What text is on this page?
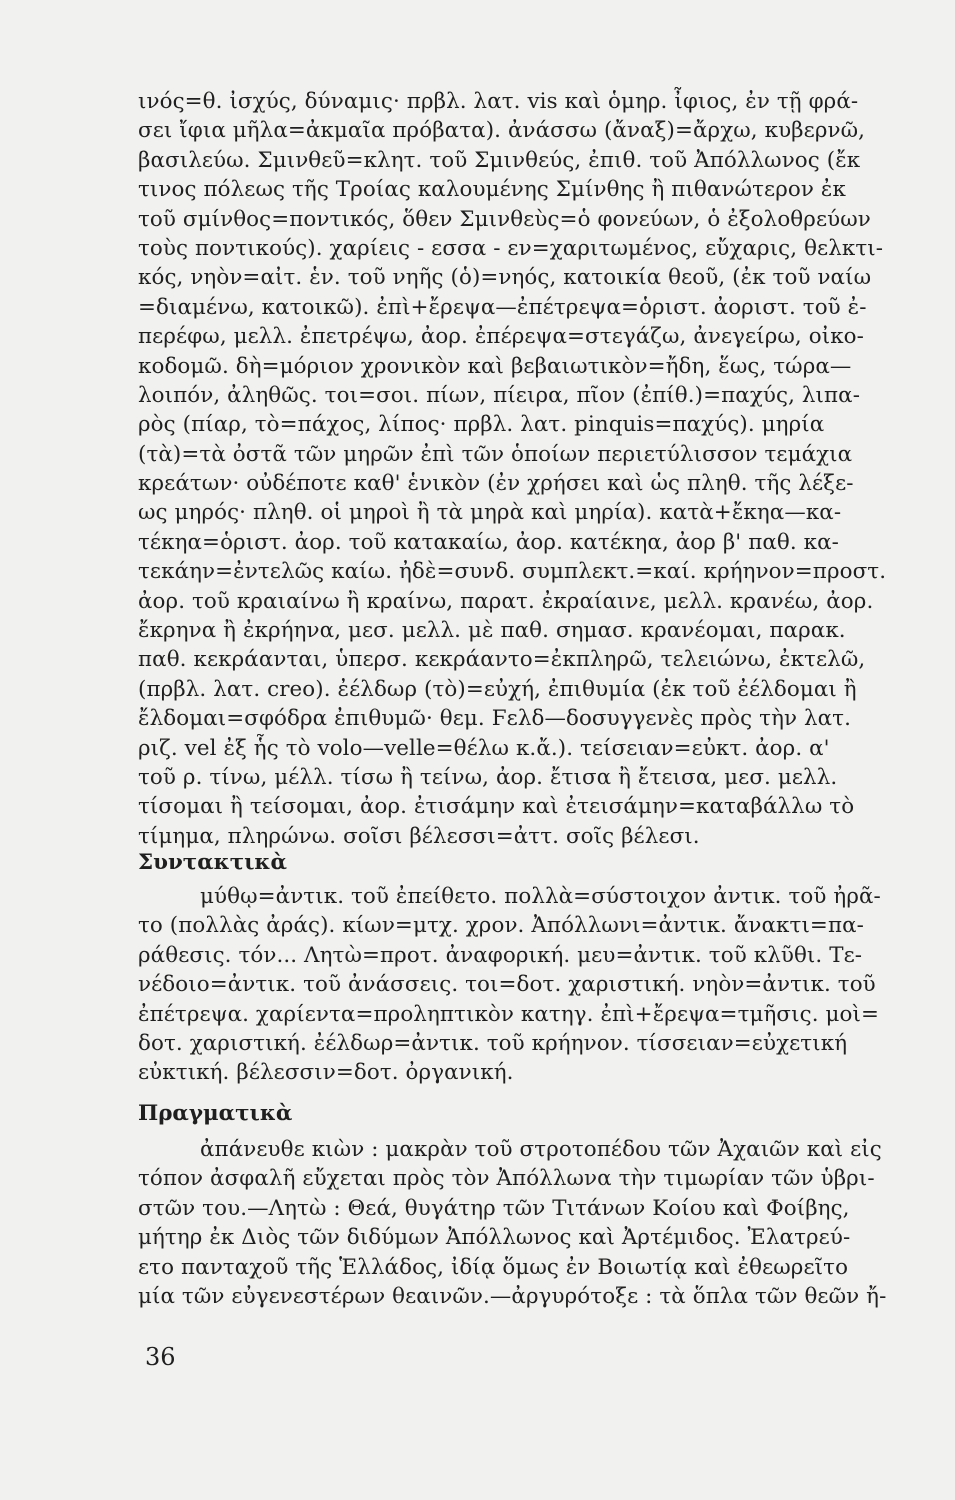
ινός=θ. ἰσχύς, δύναμις· πρβλ. λατ. vis καὶ ὁμηρ. ἶφιος, ἐν τῇ φρά-
σει ἴφια μῆλα=ἀκμαῖα πρόβατα). ἀνάσσω (ἄναξ)=ἄρχω, κυβερνῶ,
βασιλεύω. Σμινθεῦ=κλητ. τοῦ Σμινθεύς, ἐπιθ. τοῦ Ἀπόλλωνος (ἔκ
τινος πόλεως τῆς Τροίας καλουμένης Σμίνθης ἢ πιθανώτερον ἐκ
τοῦ σμίνθος=ποντικός, ὅθεν Σμινθεὺς=ὁ φονεύων, ὁ ἐξολοθρεύων
τοὺς ποντικούς). χαρίεις - εσσα - εν=χαριτωμένος, εὔχαρις, θελκτι-
κός, νηὸν=αἰτ. ἑν. τοῦ νηῆς (ὁ)=νηός, κατοικία θεοῦ, (ἐκ τοῦ ναίω
=διαμένω, κατοικῶ). ἐπὶ+ἔρεψα—ἐπέτρεψα=ὁριστ. ἀοριστ. τοῦ ἐ-
περέφω, μελλ. ἐπετρέψω, ἀορ. ἐπέρεψα=στεγάζω, ἀνεγείρω, οἰκο-
κοδομῶ. δὴ=μόριον χρονικὸν καὶ βεβαιωτικὸν=ἤδη, ἕως, τώρα—
λοιπόν, ἀληθῶς. τοι=σοι. πίων, πίειρα, πῖον (ἐπίθ.)=παχύς, λιπα-
ρὸς (πίαρ, τὸ=πάχος, λίπος· πρβλ. λατ. pinquis=παχύς). μηρία
(τὰ)=τὰ ὀστᾶ τῶν μηρῶν ἐπὶ τῶν ὁποίων περιετύλισσον τεμάχια
κρεάτων· οὐδέποτε καθ' ἑνικὸν (ἐν χρήσει καὶ ὡς πληθ. τῆς λέξε-
ως μηρός· πληθ. οἱ μηροὶ ἢ τὰ μηρὰ καὶ μηρία). κατὰ+ἔκηα—κα-
τέκηα=ὁριστ. ἀορ. τοῦ κατακαίω, ἀορ. κατέκηα, ἀορ β' παθ. κα-
τεκάην=ἐντελῶς καίω. ἠδὲ=συνδ. συμπλεκτ.=καί. κρήηνον=προστ.
ἀορ. τοῦ κραιαίνω ἢ κραίνω, παρατ. ἐκραίαινε, μελλ. κρανέω, ἀορ.
ἔκρηνα ἢ ἐκρήηνα, μεσ. μελλ. μὲ παθ. σημασ. κρανέομαι, παρακ.
παθ. κεκράανται, ὑπερσ. κεκράαντο=ἐκπληρῶ, τελειώνω, ἐκτελῶ,
(πρβλ. λατ. creo). ἐέλδωρ (τὸ)=εὐχή, ἐπιθυμία (ἐκ τοῦ ἐέλδομαι ἢ
ἔλδομαι=σφόδρα ἐπιθυμῶ· θεμ. Ϝελδ—δοσυγγενὲς πρὸς τὴν λατ.
ριζ. vel ἐξ ἧς τὸ volo—velle=θέλω κ.ἄ.). τείσειαν=εὐκτ. ἀορ. α'
τοῦ ρ. τίνω, μέλλ. τίσω ἢ τείνω, ἀορ. ἔτισα ἢ ἔτεισα, μεσ. μελλ.
τίσομαι ἢ τείσομαι, ἀορ. ἐτισάμην καὶ ἐτεισάμην=καταβάλλω τὸ
τίμημα, πληρώνω. σοῖσι βέλεσσι=ἀττ. σοῖς βέλεσι.
Συντακτικὰ
μύθῳ=ἀντικ. τοῦ ἐπείθετο. πολλὰ=σύστοιχον ἀντικ. τοῦ ἠρᾶ-
το (πολλὰς ἀράς). κίων=μτχ. χρον. Ἀπόλλωνι=ἀντικ. ἄνακτι=πα-
ράθεσις. τόν... Λητὼ=προτ. ἀναφορική. μευ=ἀντικ. τοῦ κλῦθι. Τε-
νέδοιο=ἀντικ. τοῦ ἀνάσσεις. τοι=δοτ. χαριστική. νηὸν=ἀντικ. τοῦ
ἐπέτρεψα. χαρίεντα=προληπτικὸν κατηγ. ἐπὶ+ἔρεψα=τμῆσις. μοὶ=
δοτ. χαριστική. ἐέλδωρ=ἀντικ. τοῦ κρήηνον. τίσσειαν=εὐχετική
εὐκτική. βέλεσσιν=δοτ. ὀργανική.
Πραγματικὰ
ἀπάνευθε κιὼν : μακρὰν τοῦ στροτοπέδου τῶν Ἀχαιῶν καὶ εἰς
τόπον ἀσφαλῆ εὔχεται πρὸς τὸν Ἀπόλλωνα τὴν τιμωρίαν τῶν ὑβρι-
στῶν του.—Λητὼ : Θεά, θυγάτηρ τῶν Τιτάνων Κοίου καὶ Φοίβης,
μήτηρ ἐκ Διὸς τῶν διδύμων Ἀπόλλωνος καὶ Ἀρτέμιδος. Ἐλατρεύ-
ετο πανταχοῦ τῆς Ἑλλάδος, ἰδίᾳ ὅμως ἐν Βοιωτίᾳ καὶ ἐθεωρεῖτο
μία τῶν εὐγενεστέρων θεαινῶν.—ἀργυρότοξε : τὰ ὅπλα τῶν θεῶν ἤ-
36
